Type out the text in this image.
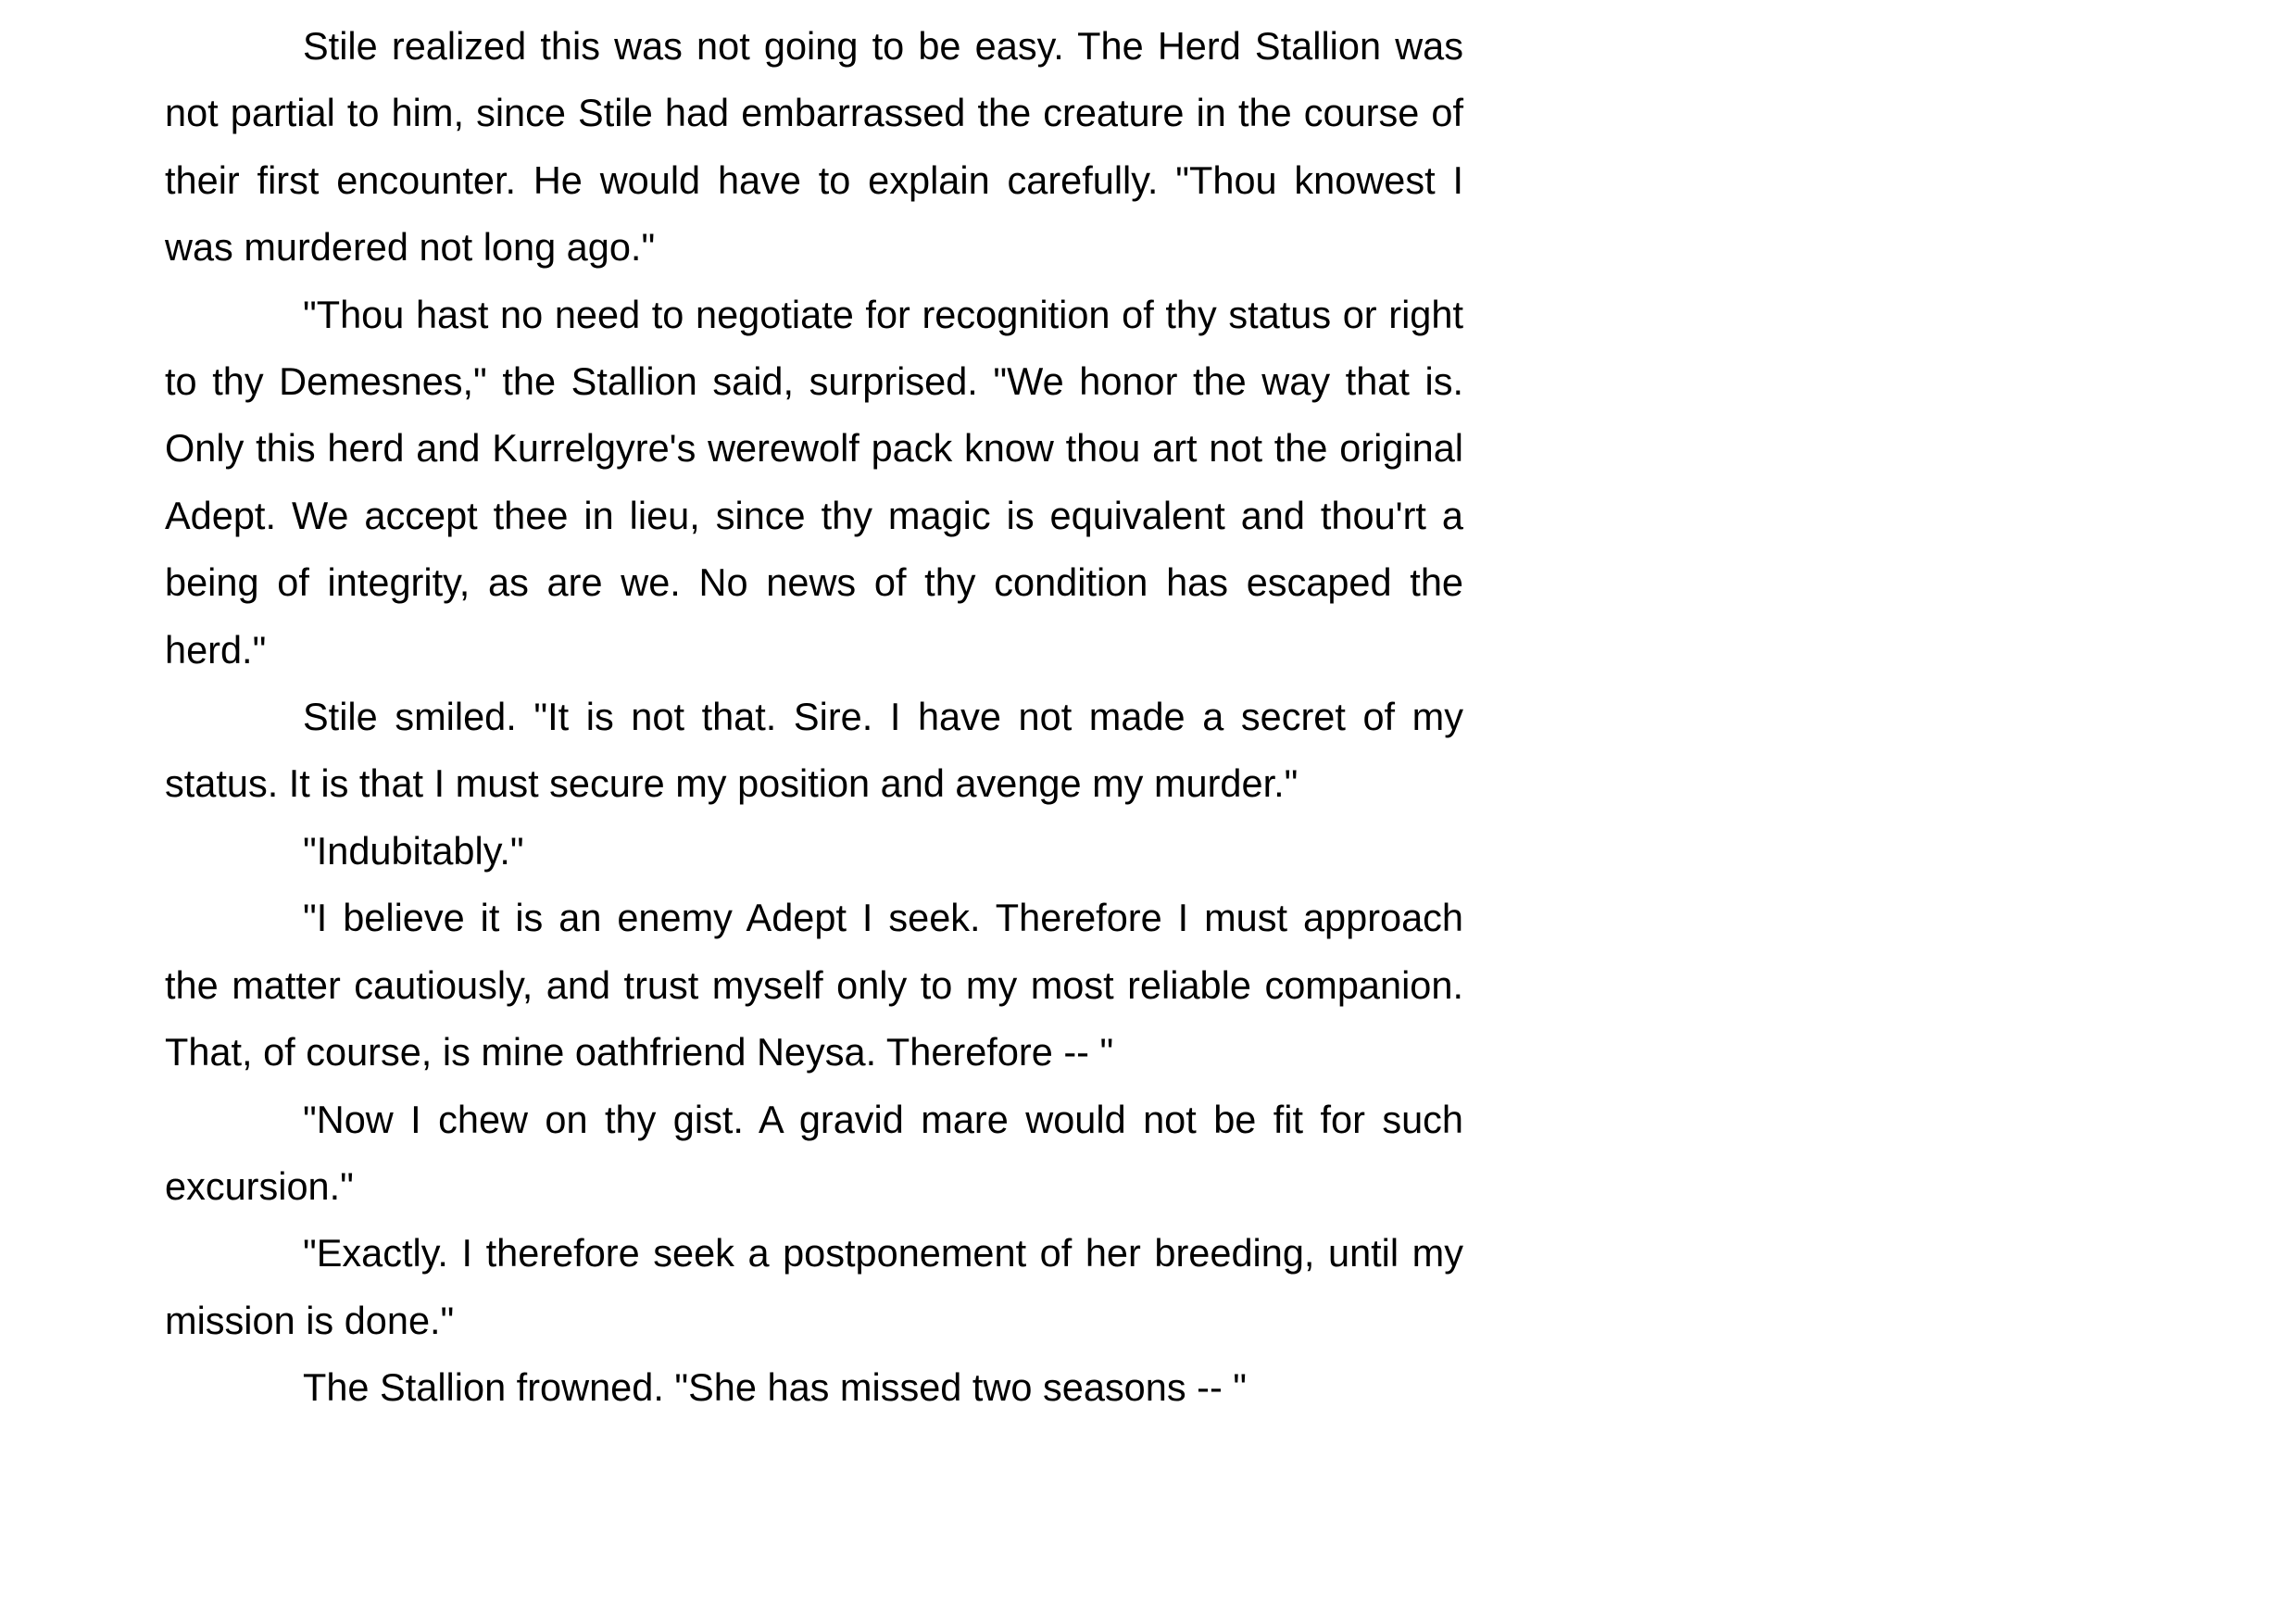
Stile realized this was not going to be easy. The Herd Stallion was not partial to him, since Stile had embarrassed the creature in the course of their first encounter. He would have to explain carefully. "Thou knowest I was murdered not long ago."

"Thou hast no need to negotiate for recognition of thy status or right to thy Demesnes," the Stallion said, surprised. "We honor the way that is. Only this herd and Kurrelgyre's werewolf pack know thou art not the original Adept. We accept thee in lieu, since thy magic is equivalent and thou'rt a being of integrity, as are we. No news of thy condition has escaped the herd."

Stile smiled. "It is not that. Sire. I have not made a secret of my status. It is that I must secure my position and avenge my murder."

"Indubitably."

"I believe it is an enemy Adept I seek. Therefore I must approach the matter cautiously, and trust myself only to my most reliable companion. That, of course, is mine oathfriend Neysa. Therefore -- "

"Now I chew on thy gist. A gravid mare would not be fit for such excursion."

"Exactly. I therefore seek a postponement of her breeding, until my mission is done."

The Stallion frowned. "She has missed two seasons -- "
